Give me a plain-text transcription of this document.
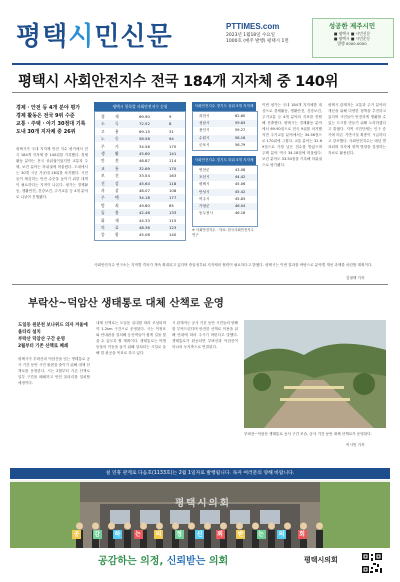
평택시민신문	PTTIMES.com
2023년 1월18일 수요일
1000호 (매주 발행) 평택시 1면
성공한 제주시민
■ 평택시 ■ 시민신문
■ 평택시 ■ 시민운동
발행 0000-0000
평택시 사회안전지수 전국 184개 지자체 중 140위
경제 · 안전 등 4개 분야 평가
경제 활동은 전국 9위 수준
교통 · 주택 · 아기 30점대 기록
도내 30개 지자체 중 26위
평택시가 국내 지자체 안전 지수 평가에서 전국 184개 지자체 중 140위를 기록했다. 경제 활동 분야는 전국 상위권이었지만 교통과 주택, 보건 분야는 하위권에 머물렀다. 도내에서는 30개 시군 가운데 26위를 차지했다. 시민들이 체감하는 안전 수준을 높이기 위한 대책이 필요하다는 지적이 나온다. 평가는 경제활동, 생활안전, 건강보건, 주거교통 등 4개 분야로 나뉘어 진행됐다.
평택시 항목별 사회안전지수 순위
경	제	69.90	9
소	득	72.52	8
고	용	69.15	31
노	동	58.58	94
주	거	34.56	170
생	활	45.60	141
안	전	46.87	114
교	통	32.69	170
보	건	33.54	163
건	강	45.64	118
자	살	48.07	108
주	택	34.18	177
범	죄	49.80	85
돌	봄	42.46	133
화	재	44.33	115
의	료	48.36	123
종	합	45.06	140
사회안전지수 경기도 상위 5개 지자체
과천시	62.60
성남시	59.63
용인시	59.27
수원시	58.16
군포시	56.79
사회안전지수 경기도 하위 5개 지자체
연천군	43.08
포천시	44.42
평택시	45.06
안성시	45.42
여주시	45.83
가평군	46.04
동두천시	46.18
※ 사회안전지수 · 자료: 한국사회안전지수 연구
이번 평가는 국내 184개 지자체를 대상으로 경제활동, 생활안전, 건강보건, 주거교통 등 4개 분야의 지표를 종합해 산출했다. 평택시는 경제활동 분야에서 69.90점으로 전국 9위를 차지했지만 주거교통 분야에서는 34.56점으로 170위에 그쳤다. 교통 분야는 32.69점으로 가장 낮은 점수를 받았으며 주택 분야 역시 34.18점에 머물렀다. 보건 분야도 33.54점을 기록해 하위권으로 평가됐다.
평택시 관계자는 교통과 주거 분야의 개선을 위해 다양한 정책을 추진하고 있다며 시민들이 안전하게 생활할 수 있는 도시를 만들기 위해 노력하겠다고 밝혔다. 지역 시민단체는 인구 증가에 따른 기반시설 확충이 시급하다고 강조했다. 사회안전지수는 매년 발표되며 지자체 정책 방향을 설정하는 자료로 활용된다.
사회안전지수 연구소는 지역별 격차가 계속 확대되고 있다며 중앙정부와 지자체의 협력이 필요하다고 밝혔다. 평택시는 이번 결과를 바탕으로 분야별 개선 과제를 마련할 계획이다.
김평택 기자
부락산~덕암산 생태통로 대체 산책로 운영
도일동 원분천 보나위드 의자 겨울에 울타리 설치
부락산 덕암산 구간 운영
2월부터 기존 산책로 폐쇄
평택시가 부락산과 덕암산을 잇는 생태통로 공사 기간 동안 시민 불편을 줄이기 위해 대체 산책로를 운영한다. 시는 2월부터 기존 산책로 일부 구간을 폐쇄하고 안전 울타리를 설치할 예정이다.
대체 산책로는 도일동 일대를 따라 조성되며 약 1.2km 구간으로 운영된다. 시는 이정표와 안내판을 설치해 등산객들이 쉽게 길을 찾을 수 있도록 할 계획이다. 생태통로는 야생동물의 이동을 돕기 위해 설치되는 시설로 올해 말 완공을 목표로 하고 있다.
시 관계자는 공사 기간 동안 시민들의 양해를 부탁드린다며 안전한 산책로 이용을 위해 안내에 따라 주시기 바란다고 말했다. 생태통로가 완공되면 부락산과 덕암산이 하나의 녹지축으로 연결된다.
부락산~덕암산 생태통로 공사 구간 모습. 공사 기간 동안 대체 산책로가 운영된다.
이시민 기자
설 연휴 관계로 다음호(1133호)는 2월 1일자로 발행됩니다. 독자 여러분의 양해 바랍니다.
공 감 하 는 의 정 신 뢰 받 는 의 회
평택시의회
공감하는 의정, 신뢰받는 의회	평택시의회
